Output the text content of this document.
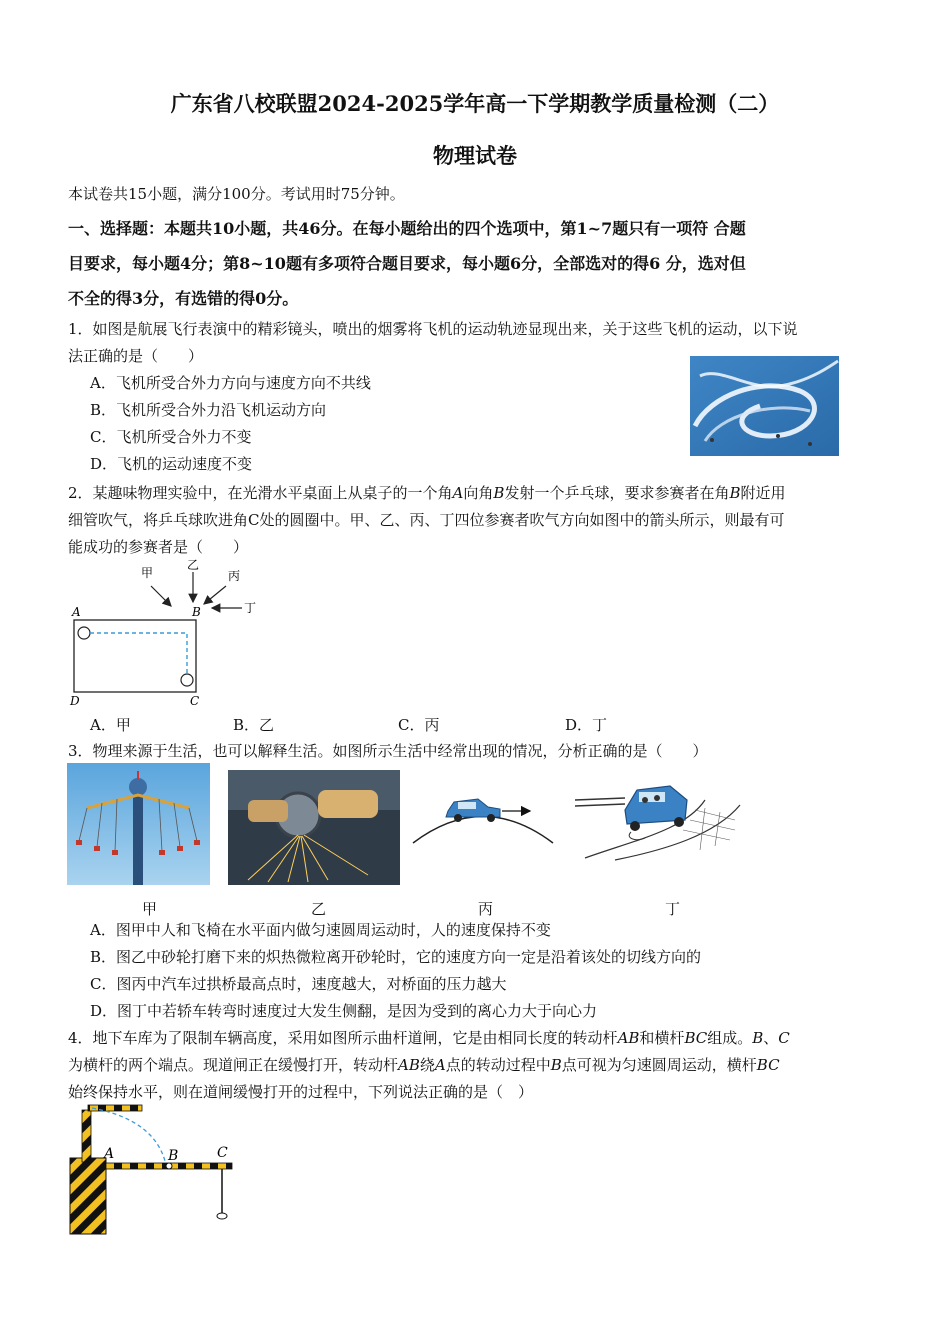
广东省八校联盟2024-2025学年高一下学期教学质量检测（二）
物理试卷
本试卷共15小题，满分100分。考试用时75分钟。
一、选择题：本题共10小题，共46分。在每小题给出的四个选项中，第1~7题只有一项符 合题
目要求，每小题4分；第8~10题有多项符合题目要求，每小题6分，全部选对的得6 分，选对但
不全的得3分，有选错的得0分。
1．如图是航展飞行表演中的精彩镜头，喷出的烟雾将飞机的运动轨迹显现出来，关于这些飞机的运动，以下说
法正确的是（　　）
A．飞机所受合外力方向与速度方向不共线
B．飞机所受合外力沿飞机运动方向
C．飞机所受合外力不变
D．飞机的运动速度不变
2．某趣味物理实验中，在光滑水平桌面上从桌子的一个角A向角B发射一个乒乓球，要求参赛者在角B附近用
细管吹气，将乒乓球吹进角C处的圆圈中。甲、乙、丙、丁四位参赛者吹气方向如图中的箭头所示，则最有可
能成功的参赛者是（　　）
甲
乙
丙
丁
A	B
C
D
A．甲	B．乙	C．丙	D．丁
3．物理来源于生活，也可以解释生活。如图所示生活中经常出现的情况，分析正确的是（　　）
甲	乙	丙	丁
A．图甲中人和飞椅在水平面内做匀速圆周运动时，人的速度保持不变
B．图乙中砂轮打磨下来的炽热微粒离开砂轮时，它的速度方向一定是沿着该处的切线方向的
C．图丙中汽车过拱桥最高点时，速度越大，对桥面的压力越大
D．图丁中若轿车转弯时速度过大发生侧翻，是因为受到的离心力大于向心力
4．地下车库为了限制车辆高度，采用如图所示曲杆道闸，它是由相同长度的转动杆AB和横杆BC组成。B、C
为横杆的两个端点。现道闸正在缓慢打开，转动杆AB绕A点的转动过程中B点可视为匀速圆周运动，横杆BC
始终保持水平，则在道闸缓慢打开的过程中，下列说法正确的是（　）
A	B	C
